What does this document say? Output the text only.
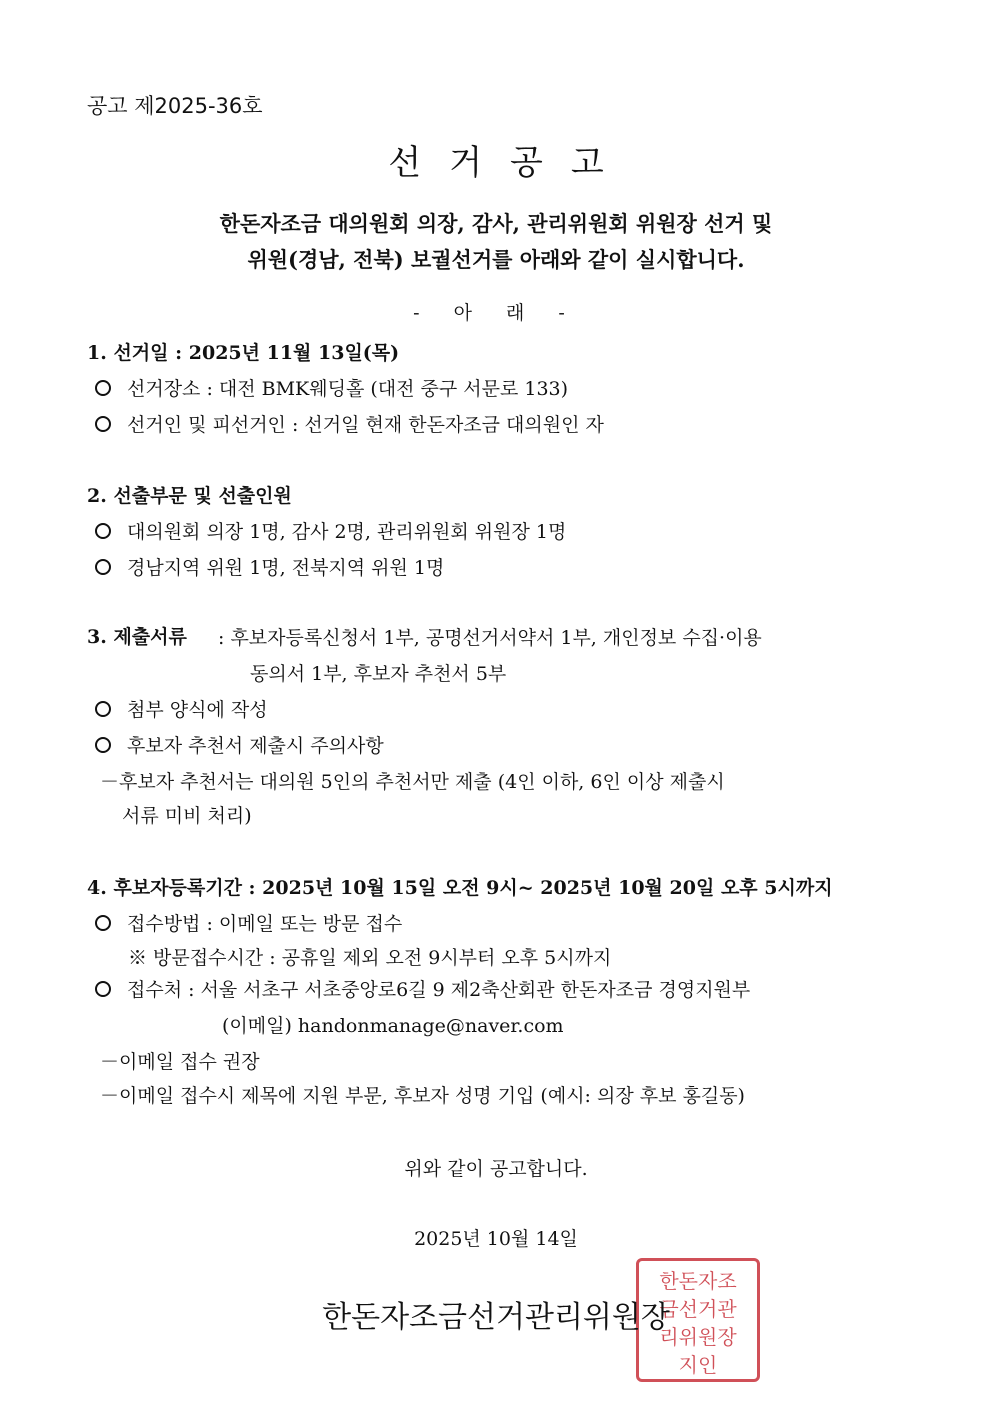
공고 제2025-36호
선거공고
한돈자조금 대의원회 의장, 감사, 관리위원회 위원장 선거 및
위원(경남, 전북) 보궐선거를 아래와 같이 실시합니다.
- 아 래 -
1. 선거일 : 2025년 11월 13일(목)
선거장소 : 대전 BMK웨딩홀 (대전 중구 서문로 133)
선거인 및 피선거인 : 선거일 현재 한돈자조금 대의원인 자
2. 선출부문 및 선출인원
대의원회 의장 1명, 감사 2명, 관리위원회 위원장 1명
경남지역 위원 1명, 전북지역 위원 1명
3. 제출서류 : 후보자등록신청서 1부, 공명선거서약서 1부, 개인정보 수집·이용
동의서 1부, 후보자 추천서 5부
첨부 양식에 작성
후보자 추천서 제출시 주의사항
－후보자 추천서는 대의원 5인의 추천서만 제출 (4인 이하, 6인 이상 제출시
서류 미비 처리)
4. 후보자등록기간 : 2025년 10월 15일 오전 9시~ 2025년 10월 20일 오후 5시까지
접수방법 : 이메일 또는 방문 접수
※ 방문접수시간 : 공휴일 제외 오전 9시부터 오후 5시까지
접수처 : 서울 서초구 서초중앙로6길 9 제2축산회관 한돈자조금 경영지원부
(이메일) handonmanage@naver.com
－이메일 접수 권장
－이메일 접수시 제목에 지원 부문, 후보자 성명 기입 (예시: 의장 후보 홍길동)
위와 같이 공고합니다.
2025년 10월 14일
한돈자조
금선거관
리위원장
지인
한돈자조금선거관리위원장
